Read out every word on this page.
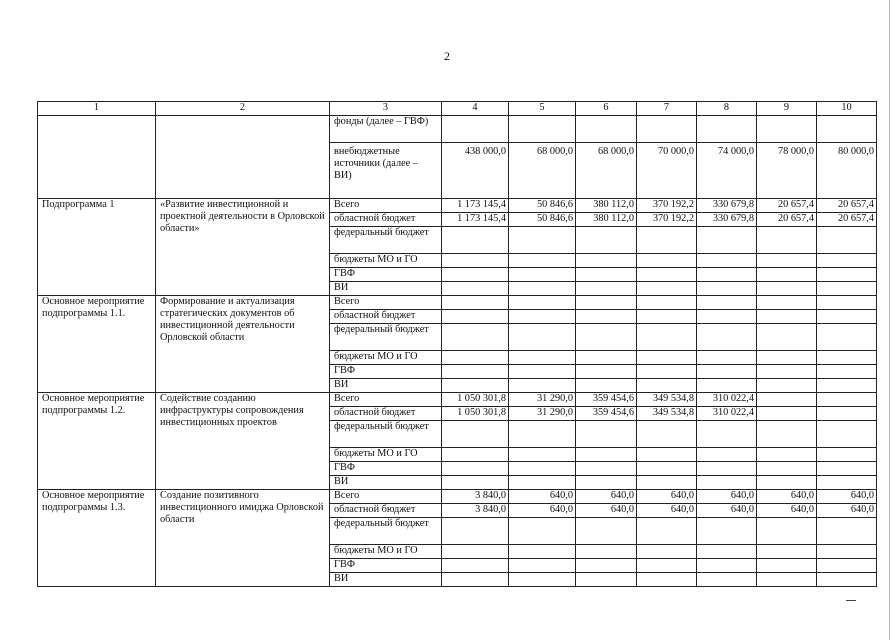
2
1	2	3	4	5	6	7	8	9	10
		фонды (далее – ГВФ)							
		внебюджетные источники (далее – ВИ)	438 000,0	68 000,0	68 000,0	70 000,0	74 000,0	78 000,0	80 000,0
Подпрограмма 1	«Развитие инвестиционной и проектной деятельности в Орловской области»	Всего	1 173 145,4	50 846,6	380 112,0	370 192,2	330 679,8	20 657,4	20 657,4
		областной бюджет	1 173 145,4	50 846,6	380 112,0	370 192,2	330 679,8	20 657,4	20 657,4
		федеральный бюджет							
		бюджеты МО и ГО							
		ГВФ							
		ВИ							
Основное мероприятие подпрограммы 1.1.	Формирование и актуализация стратегических документов об инвестиционной деятельности Орловской области	Всего							
		областной бюджет							
		федеральный бюджет							
		бюджеты МО и ГО							
		ГВФ							
		ВИ							
Основное мероприятие подпрограммы 1.2.	Содействие созданию инфраструктуры сопровождения инвестиционных проектов	Всего	1 050 301,8	31 290,0	359 454,6	349 534,8	310 022,4		
		областной бюджет	1 050 301,8	31 290,0	359 454,6	349 534,8	310 022,4		
		федеральный бюджет							
		бюджеты МО и ГО							
		ГВФ							
		ВИ							
Основное мероприятие подпрограммы 1.3.	Создание позитивного инвестиционного имиджа Орловской области	Всего	3 840,0	640,0	640,0	640,0	640,0	640,0	640,0
		областной бюджет	3 840,0	640,0	640,0	640,0	640,0	640,0	640,0
		федеральный бюджет							
		бюджеты МО и ГО							
		ГВФ							
		ВИ							
